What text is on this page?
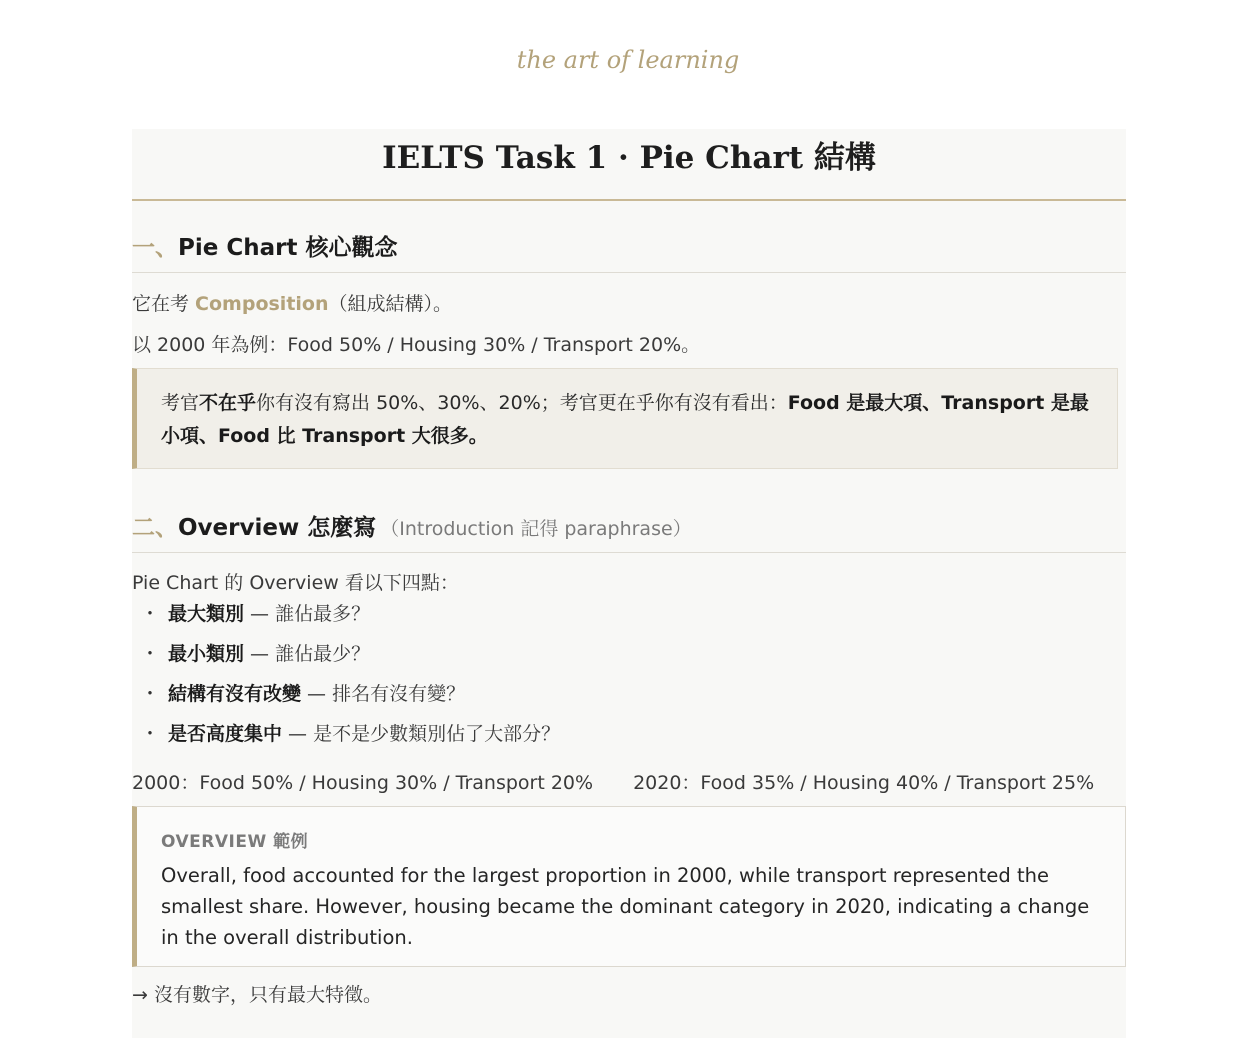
the art of learning
IELTS Task 1 · Pie Chart 結構
一、Pie Chart 核心觀念
它在考 Composition（組成結構）。
以 2000 年為例：Food 50% / Housing 30% / Transport 20%。

考官不在乎你有沒有寫出 50%、30%、20%；考官更在乎你有沒有看出：Food 是最大項、Transport 是最小項、Food 比 Transport 大很多。

二、Overview 怎麼寫 （Introduction 記得 paraphrase）
Pie Chart 的 Overview 看以下四點：
・ 最大類別 — 誰佔最多？
・ 最小類別 — 誰佔最少？
・ 結構有沒有改變 — 排名有沒有變？
・ 是否高度集中 — 是不是少數類別佔了大部分？
2000：Food 50% / Housing 30% / Transport 20% 2020：Food 35% / Housing 40% / Transport 25%
OVERVIEW 範例

Overall, food accounted for the largest proportion in 2000, while transport represented the smallest share. However, housing became the dominant category in 2020, indicating a change in the overall distribution.

→ 沒有數字，只有最大特徵。
